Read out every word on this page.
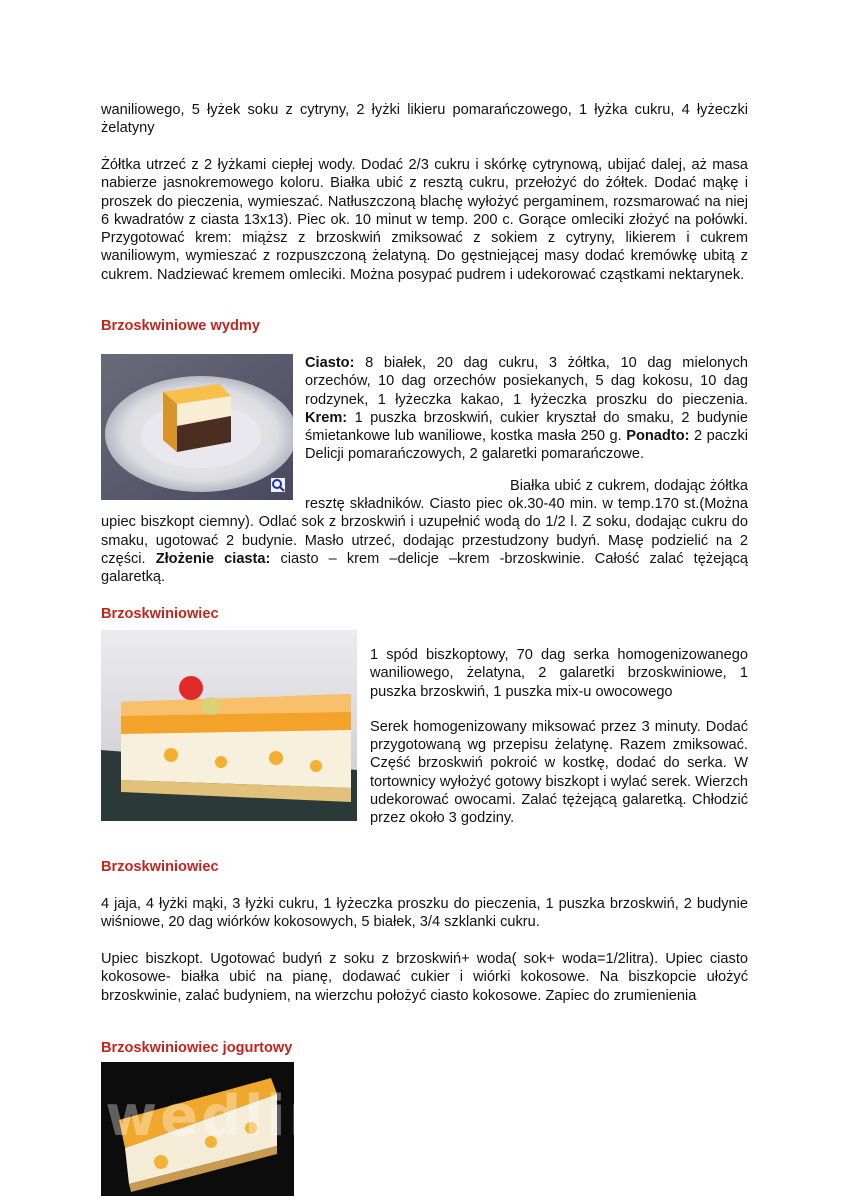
waniliowego, 5 łyżek soku z cytryny, 2 łyżki likieru pomarańczowego, 1 łyżka cukru, 4 łyżeczki żelatyny

Żółtka utrzeć z 2 łyżkami ciepłej wody. Dodać 2/3 cukru i skórkę cytrynową, ubijać dalej, aż masa nabierze jasnokremowego koloru. Białka ubić z resztą cukru, przełożyć do żółtek. Dodać mąkę i proszek do pieczenia, wymieszać. Natłuszczoną blachę wyłożyć pergaminem, rozsmarować na niej 6 kwadratów z ciasta 13x13). Piec ok. 10 minut w temp. 200 c. Gorące omleciki złożyć na połówki. Przygotować krem: miąższ z brzoskwiń zmiksować z sokiem z cytryny, likierem i cukrem waniliowym, wymieszać z rozpuszczoną żelatyną. Do gęstniejącej masy dodać kremówkę ubitą z cukrem. Nadziewać kremem omleciki. Można posypać pudrem i udekorować cząstkami nektarynek.

Brzoskwiniowe wydmy
Ciasto: 8 białek, 20 dag cukru, 3 żółtka, 10 dag mielonych orzechów, 10 dag orzechów posiekanych, 5 dag kokosu, 10 dag rodzynek, 1 łyżeczka kakao, 1 łyżeczka proszku do pieczenia. Krem: 1 puszka brzoskwiń, cukier kryształ do smaku, 2 budynie śmietankowe lub waniliowe, kostka masła 250 g. Ponadto: 2 paczki Delicji pomarańczowych, 2 galaretki pomarańczowe.
Białka ubić z cukrem, dodając żółtka resztę składników. Ciasto piec ok.30-40 min. w temp.170 st.(Można upiec biszkopt ciemny). Odlać sok z brzoskwiń i uzupełnić wodą do 1/2 l. Z soku, dodając cukru do smaku, ugotować 2 budynie. Masło utrzeć, dodając przestudzony budyń. Masę podzielić na 2 części. Złożenie ciasta: ciasto – krem –delicje –krem -brzoskwinie. Całość zalać tężejącą galaretką.
Brzoskwiniowiec
1 spód biszkoptowy, 70 dag serka homogenizowanego waniliowego, żelatyna, 2 galaretki brzoskwiniowe, 1 puszka brzoskwiń, 1 puszka mix-u owocowego
Serek homogenizowany miksować przez 3 minuty. Dodać przygotowaną wg przepisu żelatynę. Razem zmiksować. Część brzoskwiń pokroić w kostkę, dodać do serka. W tortownicy wyłożyć gotowy biszkopt i wylać serek. Wierzch udekorować owocami. Zalać tężejącą galaretką. Chłodzić przez około 3 godziny.
Brzoskwiniowiec

4 jaja, 4 łyżki mąki, 3 łyżki cukru, 1 łyżeczka proszku do pieczenia, 1 puszka brzoskwiń, 2 budynie wiśniowe, 20 dag wiórków kokosowych, 5 białek, 3/4 szklanki cukru.

Upiec biszkopt. Ugotować budyń z soku z brzoskwiń+ woda( sok+ woda=1/2litra). Upiec ciasto kokosowe- białka ubić na pianę, dodawać cukier i wiórki kokosowe. Na biszkopcie ułożyć brzoskwinie, zalać budyniem, na wierzchu położyć ciasto kokosowe. Zapiec do zrumienienia

Brzoskwiniowiec jogurtowy
wedlinydomowe.pl
